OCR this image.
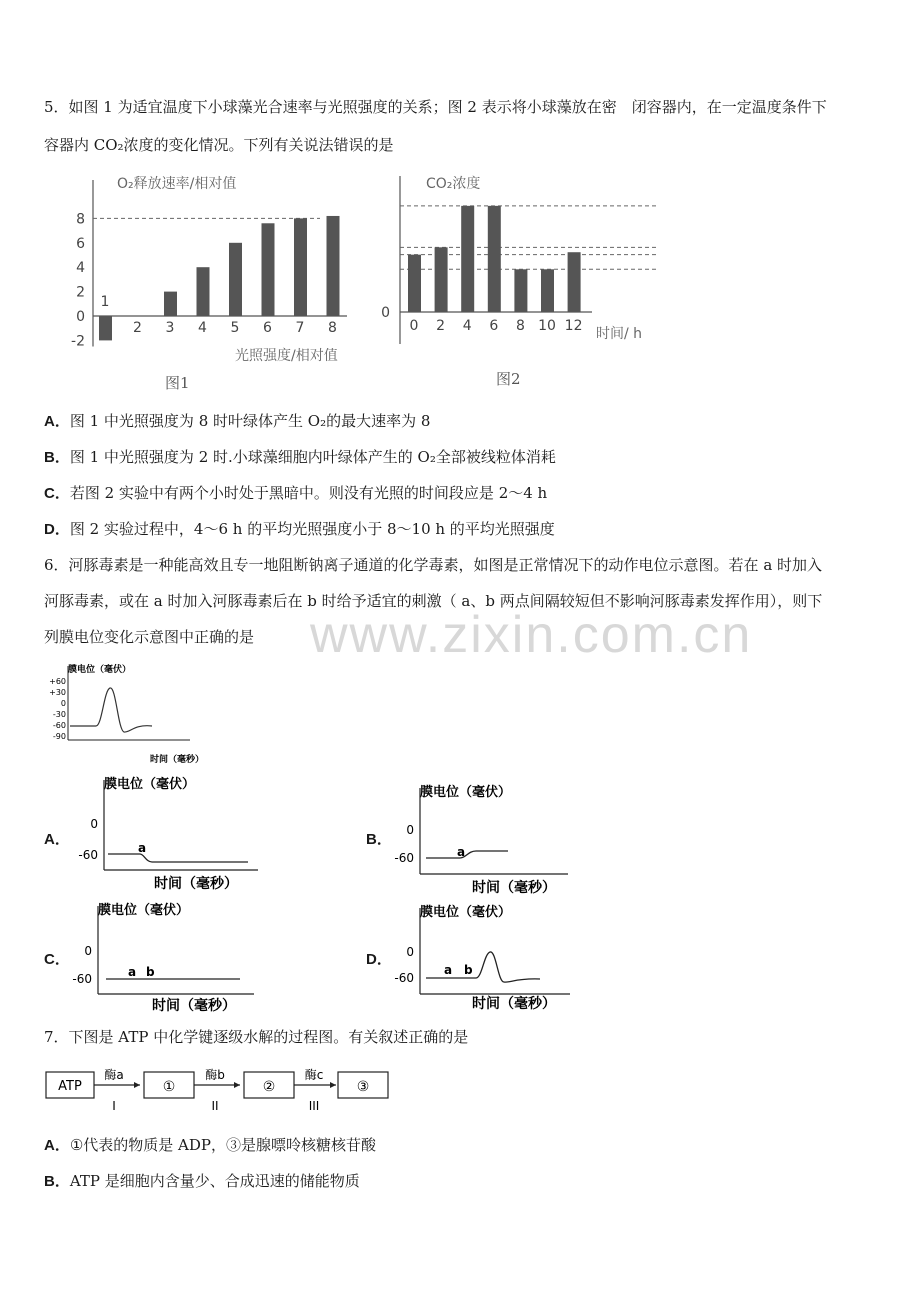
www.zixin.com.cn
5．如图 1 为适宜温度下小球藻光合速率与光照强度的关系；图 2 表示将小球藻放在密　闭容器内，在一定温度条件下
容器内 CO₂浓度的变化情况。下列有关说法错误的是
O₂释放速率/相对值
光照强度/相对值
-2
0
2
4
6
8
1
2 3 4 5 6 7 8
图1
CO₂浓度
时间/ h
0
0 2 4 6 8 10 12
图2
A．图 1 中光照强度为 8 时叶绿体产生 O₂的最大速率为 8
B．图 1 中光照强度为 2 时.小球藻细胞内叶绿体产生的 O₂全部被线粒体消耗
C．若图 2 实验中有两个小时处于黑暗中。则没有光照的时间段应是 2～4 h
D．图 2 实验过程中，4～6 h 的平均光照强度小于 8～10 h 的平均光照强度
6．河豚毒素是一种能高效且专一地阻断钠离子通道的化学毒素，如图是正常情况下的动作电位示意图。若在 a 时加入
河豚毒素，或在 a 时加入河豚毒素后在 b 时给予适宜的刺激（ a、b 两点间隔较短但不影响河豚毒素发挥作用），则下
列膜电位变化示意图中正确的是
膜电位（毫伏）
+60
+30
0
-30
-60
-90
时间（毫秒）
A．
膜电位（毫伏）
0
-60	a
时间（毫秒）
B．
膜电位（毫伏）
0
-60	a
时间（毫秒）
C．
膜电位（毫伏）
0
-60	a b
时间（毫秒）
D．
膜电位（毫伏）
0
-60
a b
时间（毫秒）
7．下图是 ATP 中化学键逐级水解的过程图。有关叙述正确的是
ATP
酶a
I
①
酶b
II
②
酶c
III
③
A．①代表的物质是 ADP，③是腺嘌呤核糖核苷酸
B．ATP 是细胞内含量少、合成迅速的储能物质
